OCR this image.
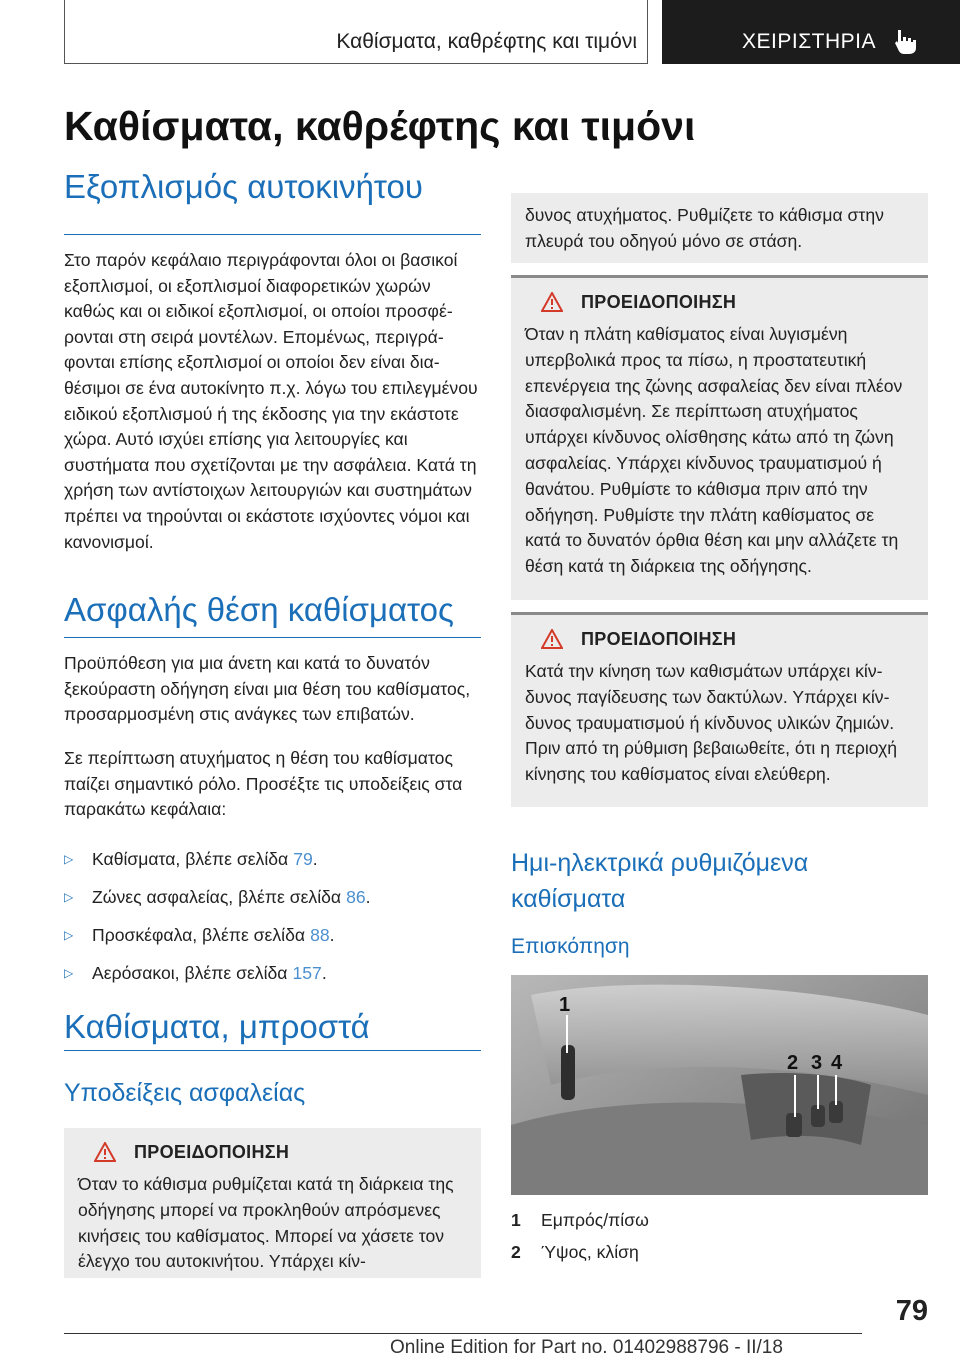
Καθίσματα, καθρέφτης και τιμόνι	ΧΕΙΡΙΣΤΗΡΙΑ
Καθίσματα, καθρέφτης και τιμόνι
Εξοπλισμός αυτοκινήτου

Στο παρόν κεφάλαιο περιγράφονται όλοι οι βασικοί εξοπλισμοί, οι εξοπλισμοί διαφορετικών χωρών καθώς και οι ειδικοί εξοπλισμοί, οι οποίοι προσφέρονται στη σειρά μοντέλων. Επομένως, περιγράφονται επίσης εξοπλισμοί οι οποίοι δεν είναι διαθέσιμοι σε ένα αυτοκίνητο π.χ. λόγω του επιλεγμένου ειδικού εξοπλισμού ή της έκδοσης για την εκάστοτε χώρα. Αυτό ισχύει επίσης για λειτουργίες και συστήματα που σχετίζονται με την ασφάλεια. Κατά τη χρήση των αντίστοιχων λειτουργιών και συστημάτων πρέπει να τηρούνται οι εκάστοτε ισχύοντες νόμοι και κανονισμοί.

Ασφαλής θέση καθίσματος

Προϋπόθεση για μια άνετη και κατά το δυνατόν ξεκούραστη οδήγηση είναι μια θέση του καθίσματος, προσαρμοσμένη στις ανάγκες των επιβατών.

Σε περίπτωση ατυχήματος η θέση του καθίσματος παίζει σημαντικό ρόλο. Προσέξτε τις υποδείξεις στα παρακάτω κεφάλαια:

▷	Καθίσματα, βλέπε σελίδα 79 .
▷	Ζώνες ασφαλείας, βλέπε σελίδα 86 .
▷	Προσκέφαλα, βλέπε σελίδα 88 .
▷	Αερόσακοι, βλέπε σελίδα 157 .
Καθίσματα, μπροστά
Υποδείξεις ασφαλείας
ΠΡΟΕΙΔΟΠΟΙΗΣΗ
Όταν το κάθισμα ρυθμίζεται κατά τη διάρκεια της οδήγησης μπορεί να προκληθούν απρόσμενες κινήσεις του καθίσματος. Μπορεί να χάσετε τον έλεγχο του αυτοκινήτου. Υπάρχει κίν-
δυνος ατυχήματος. Ρυθμίζετε το κάθισμα στην πλευρά του οδηγού μόνο σε στάση.
ΠΡΟΕΙΔΟΠΟΙΗΣΗ
Όταν η πλάτη καθίσματος είναι λυγισμένη υπερβολικά προς τα πίσω, η προστατευτική επενέργεια της ζώνης ασφαλείας δεν είναι πλέον διασφαλισμένη. Σε περίπτωση ατυχήματος υπάρχει κίνδυνος ολίσθησης κάτω από τη ζώνη ασφαλείας. Υπάρχει κίνδυνος τραυματισμού ή θανάτου. Ρυθμίστε το κάθισμα πριν από την οδήγηση. Ρυθμίστε την πλάτη καθίσματος σε κατά το δυνατόν όρθια θέση και μην αλλάζετε τη θέση κατά τη διάρκεια της οδήγησης.
ΠΡΟΕΙΔΟΠΟΙΗΣΗ
Κατά την κίνηση των καθισμάτων υπάρχει κίνδυνος παγίδευσης των δακτύλων. Υπάρχει κίνδυνος τραυματισμού ή κίνδυνος υλικών ζημιών. Πριν από τη ρύθμιση βεβαιωθείτε, ότι η περιοχή κίνησης του καθίσματος είναι ελεύθερη.
Ημι-ηλεκτρικά ρυθμιζόμενα καθίσματα
Επισκόπηση
1
2 3 4
1	Εμπρός/πίσω
2	Ύψος, κλίση
79
Online Edition for Part no. 01402988796 - II/18
